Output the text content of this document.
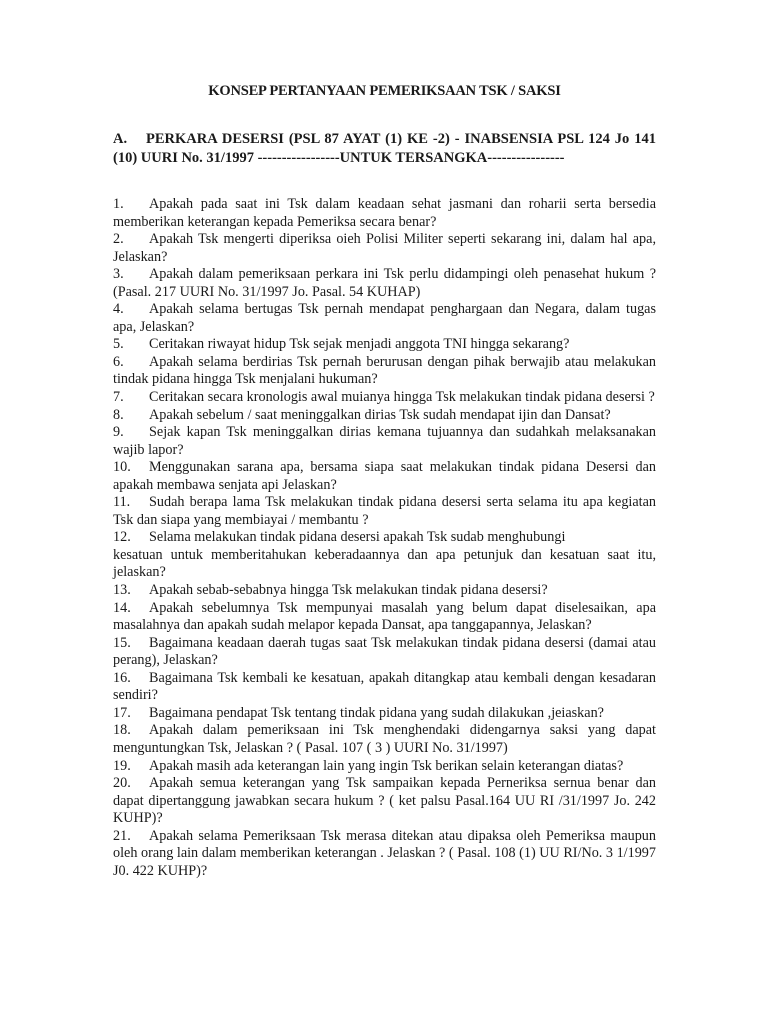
KONSEP PERTANYAAN PEMERIKSAAN TSK / SAKSI
A. PERKARA DESERSI (PSL 87 AYAT (1) KE -2) - INABSENSIA PSL 124 Jo 141 (10) UURI No. 31/1997 -----------------UNTUK TERSANGKA----------------
1. Apakah pada saat ini Tsk dalam keadaan sehat jasmani dan roharii serta bersedia memberikan keterangan kepada Pemeriksa secara benar?
2. Apakah Tsk mengerti diperiksa oieh Polisi Militer seperti sekarang ini, dalam hal apa, Jelaskan?
3. Apakah dalam pemeriksaan perkara ini Tsk perlu didampingi oleh penasehat hukum ? (Pasal. 217 UURI No. 31/1997 Jo. Pasal. 54 KUHAP)
4. Apakah selama bertugas Tsk pernah mendapat penghargaan dan Negara, dalam tugas apa, Jelaskan?
5. Ceritakan riwayat hidup Tsk sejak menjadi anggota TNI hingga sekarang?
6. Apakah selama berdirias Tsk pernah berurusan dengan pihak berwajib atau melakukan tindak pidana hingga Tsk menjalani hukuman?
7. Ceritakan secara kronologis awal muianya hingga Tsk melakukan tindak pidana desersi ?
8. Apakah sebelum / saat meninggalkan dirias Tsk sudah mendapat ijin dan Dansat?
9. Sejak kapan Tsk meninggalkan dirias kemana tujuannya dan sudahkah melaksanakan wajib lapor?
10. Menggunakan sarana apa, bersama siapa saat melakukan tindak pidana Desersi dan apakah membawa senjata api Jelaskan?
11. Sudah berapa lama Tsk melakukan tindak pidana desersi serta selama itu apa kegiatan Tsk dan siapa yang membiayai / membantu ?
12. Selama melakukan tindak pidana desersi apakah Tsk sudab menghubungi
kesatuan untuk memberitahukan keberadaannya dan apa petunjuk dan kesatuan saat itu, jelaskan?
13. Apakah sebab-sebabnya hingga Tsk melakukan tindak pidana desersi?
14. Apakah sebelumnya Tsk mempunyai masalah yang belum dapat diselesaikan, apa masalahnya dan apakah sudah melapor kepada Dansat, apa tanggapannya, Jelaskan?
15. Bagaimana keadaan daerah tugas saat Tsk melakukan tindak pidana desersi (damai atau perang), Jelaskan?
16. Bagaimana Tsk kembali ke kesatuan, apakah ditangkap atau kembali dengan kesadaran sendiri?
17. Bagaimana pendapat Tsk tentang tindak pidana yang sudah dilakukan ,jeiaskan?
18. Apakah dalam pemeriksaan ini Tsk menghendaki didengarnya saksi yang dapat menguntungkan Tsk, Jelaskan ? ( Pasal. 107 ( 3 ) UURI No. 31/1997)
19. Apakah masih ada keterangan lain yang ingin Tsk berikan selain keterangan diatas?
20. Apakah semua keterangan yang Tsk sampaikan kepada Perneriksa sernua benar dan dapat dipertanggung jawabkan secara hukum ? ( ket palsu Pasal.164 UU RI /31/1997 Jo. 242 KUHP)?
21. Apakah selama Pemeriksaan Tsk merasa ditekan atau dipaksa oleh Pemeriksa maupun oleh orang lain dalam memberikan keterangan . Jelaskan ? ( Pasal. 108 (1) UU RI/No. 3 1/1997 J0. 422 KUHP)?
